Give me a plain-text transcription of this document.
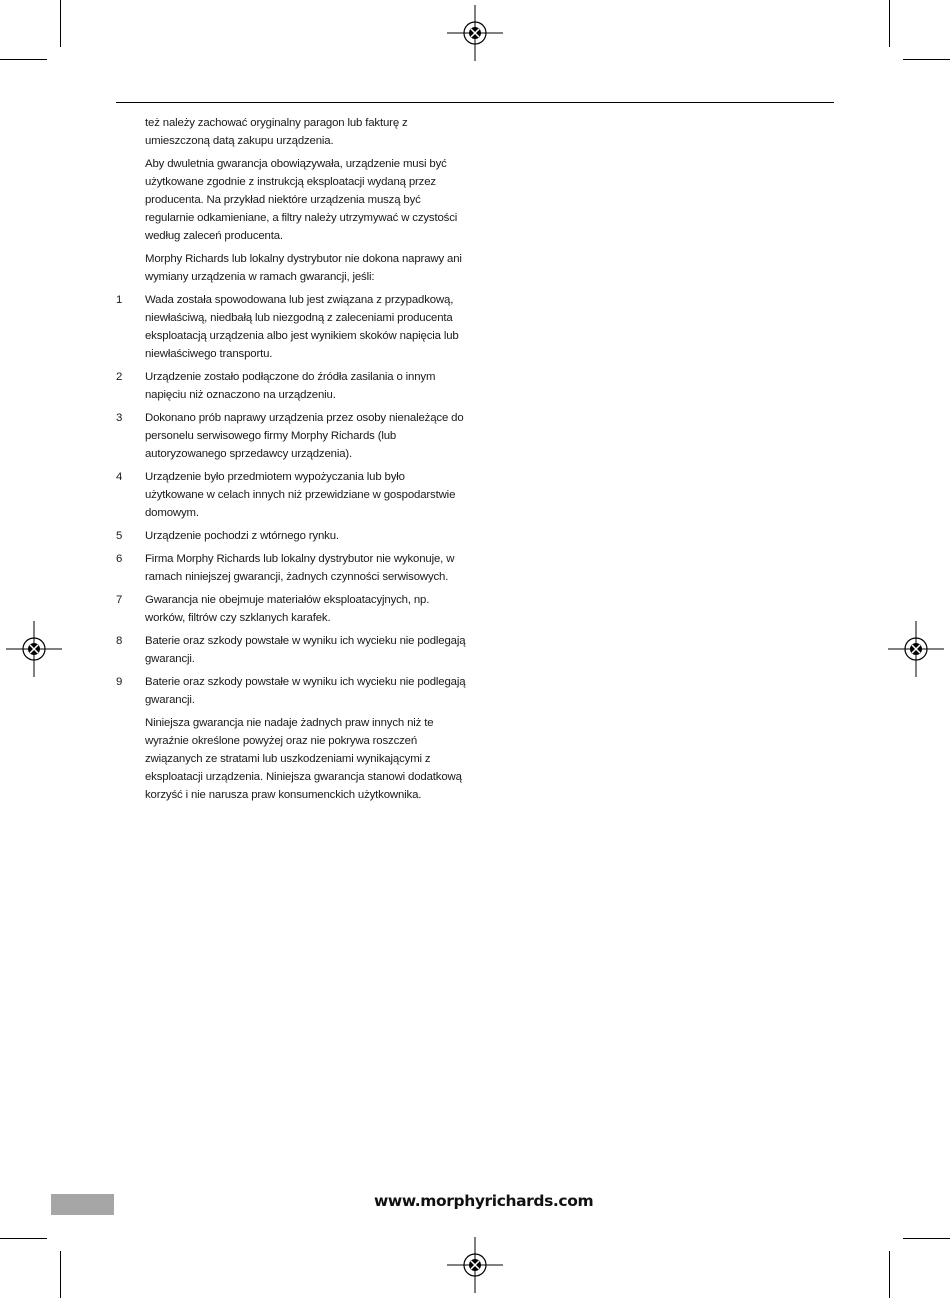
też należy zachować oryginalny paragon lub fakturę z umieszczoną datą zakupu urządzenia.

Aby dwuletnia gwarancja obowiązywała, urządzenie musi być użytkowane zgodnie z instrukcją eksploatacji wydaną przez producenta. Na przykład niektóre urządzenia muszą być regularnie odkamieniane, a filtry należy utrzymywać w czystości według zaleceń producenta.

Morphy Richards lub lokalny dystrybutor nie dokona naprawy ani wymiany urządzenia w ramach gwarancji, jeśli:

1 Wada została spowodowana lub jest związana z przypadkową, niewłaściwą, niedbałą lub niezgodną z zaleceniami producenta eksploatacją urządzenia albo jest wynikiem skoków napięcia lub niewłaściwego transportu.
2 Urządzenie zostało podłączone do źródła zasilania o innym napięciu niż oznaczono na urządzeniu.
3 Dokonano prób naprawy urządzenia przez osoby nienależące do personelu serwisowego firmy Morphy Richards (lub autoryzowanego sprzedawcy urządzenia).
4 Urządzenie było przedmiotem wypożyczania lub było użytkowane w celach innych niż przewidziane w gospodarstwie domowym.
5 Urządzenie pochodzi z wtórnego rynku.
6 Firma Morphy Richards lub lokalny dystrybutor nie wykonuje, w ramach niniejszej gwarancji, żadnych czynności serwisowych.
7 Gwarancja nie obejmuje materiałów eksploatacyjnych, np. worków, filtrów czy szklanych karafek.
8 Baterie oraz szkody powstałe w wyniku ich wycieku nie podlegają gwarancji.
9 Baterie oraz szkody powstałe w wyniku ich wycieku nie podlegają gwarancji.

Niniejsza gwarancja nie nadaje żadnych praw innych niż te wyraźnie określone powyżej oraz nie pokrywa roszczeń związanych ze stratami lub uszkodzeniami wynikającymi z eksploatacji urządzenia. Niniejsza gwarancja stanowi dodatkową korzyść i nie narusza praw konsumenckich użytkownika.

www.morphyrichards.com
